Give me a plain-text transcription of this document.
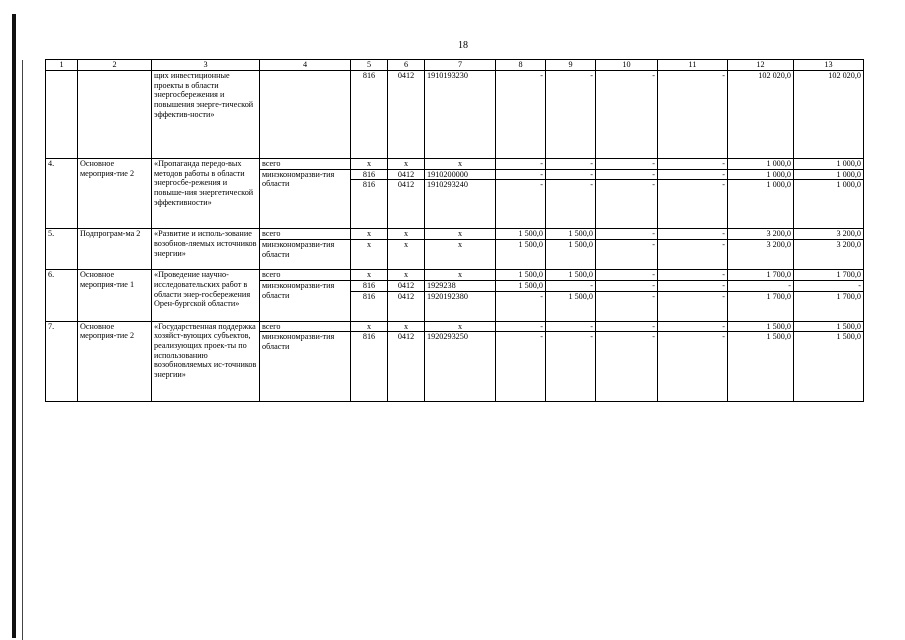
18
1	2	3	4	5	6	7	8	9	10	11	12	13
		щих инвестиционные проекты в области энергосбережения и повышения энерге-тической эффектив-ности»		816	0412	1910193230	-	-	-	-	102 020,0	102 020,0
4.	Основное мероприя-тие 2	«Пропаганда передо-вых методов работы в области энергосбе-режения и повыше-ния энергетической эффективности»	всего	х	х	х	-	-	-	-	1 000,0	1 000,0
			минэкономразви-тия области	816	0412	1910200000	-	-	-	-	1 000,0	1 000,0
				816	0412	1910293240	-	-	-	-	1 000,0	1 000,0
5.	Подпрограм-ма 2	«Развитие и исполь-зование возобнов-ляемых источников энергии»	всего	х	х	х	1 500,0	1 500,0	-	-	3 200,0	3 200,0
			минэкономразви-тия области	х	х	х	1 500,0	1 500,0	-	-	3 200,0	3 200,0
6.	Основное мероприя-тие 1	«Проведение научно-исследовательских работ в области энер-госбережения Орен-бургской области»	всего	х	х	х	1 500,0	1 500,0	-	-	1 700,0	1 700,0
			минэкономразви-тия области	816	0412	1929238	1 500,0	-	-	-	-	-
				816	0412	1920192380	-	1 500,0	-	-	1 700,0	1 700,0
7.	Основное мероприя-тие 2	«Государственная поддержка хозяйст-вующих субъектов, реализующих проек-ты по использованию возобновляемых ис-точников энергии»	всего	х	х	х	-	-	-	-	1 500,0	1 500,0
			минэкономразви-тия области	816	0412	1920293250	-	-	-	-	1 500,0	1 500,0
